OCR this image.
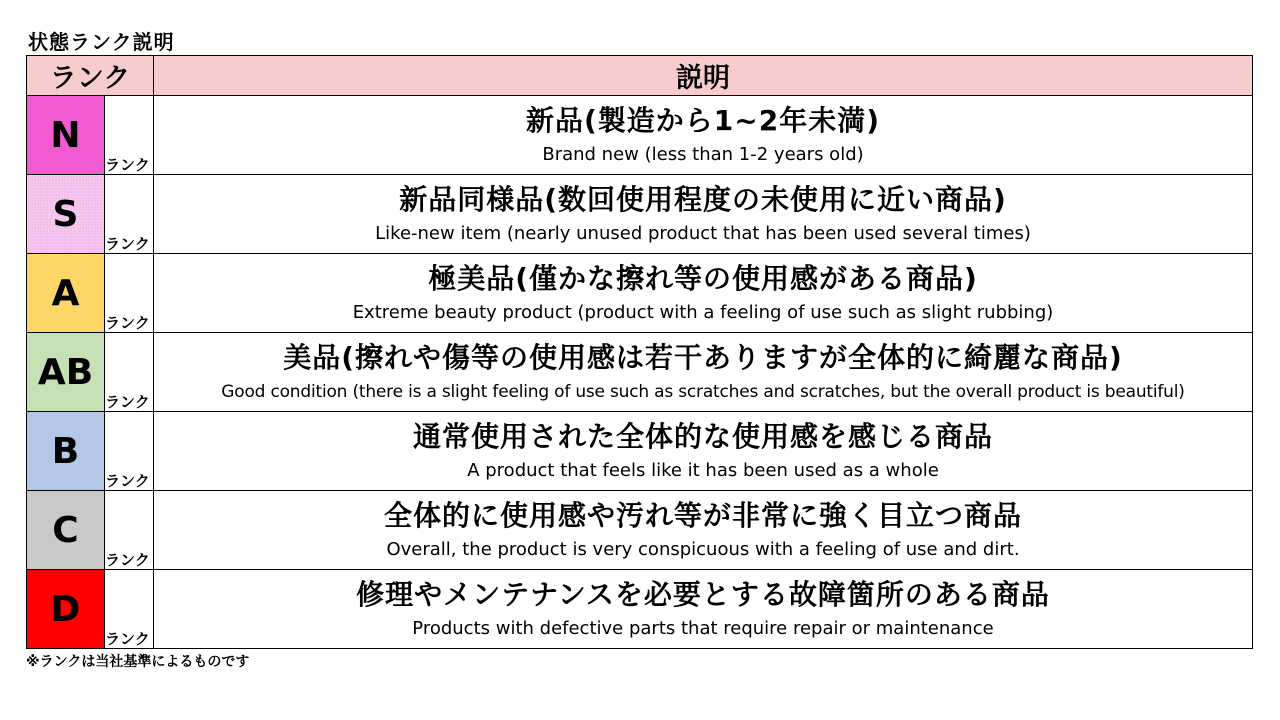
状態ランク説明
ランク		説明
N	ランク	新品(製造から1~2年未満)
Brand new (less than 1-2 years old)

S	ランク	新品同様品(数回使用程度の未使用に近い商品)
Like-new item (nearly unused product that has been used several times)

A	ランク	極美品(僅かな擦れ等の使用感がある商品)
Extreme beauty product (product with a feeling of use such as slight rubbing)

AB	ランク	美品(擦れや傷等の使用感は若干ありますが全体的に綺麗な商品)
Good condition (there is a slight feeling of use such as scratches and scratches, but the overall product is beautiful)

B	ランク	通常使用された全体的な使用感を感じる商品
A product that feels like it has been used as a whole

C	ランク	全体的に使用感や汚れ等が非常に強く目立つ商品
Overall, the product is very conspicuous with a feeling of use and dirt.

D	ランク	修理やメンテナンスを必要とする故障箇所のある商品
Products with defective parts that require repair or maintenance
※ランクは当社基準によるものです
